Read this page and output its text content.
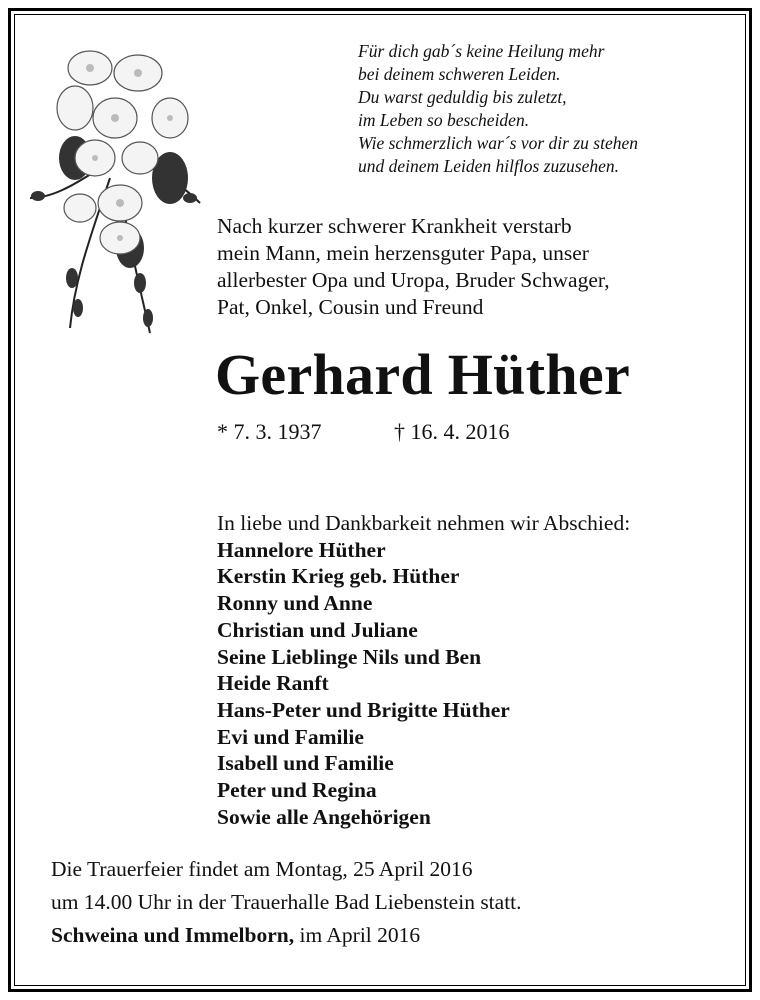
Für dich gab´s keine Heilung mehr
bei deinem schweren Leiden.
Du warst geduldig bis zuletzt,
im Leben so bescheiden.
Wie schmerzlich war´s vor dir zu stehen
und deinem Leiden hilflos zuzusehen.
Nach kurzer schwerer Krankheit verstarb
mein Mann, mein herzensguter Papa, unser
allerbester Opa und Uropa, Bruder Schwager,
Pat, Onkel, Cousin und Freund
Gerhard Hüther
* 7. 3. 1937	† 16. 4. 2016
In liebe und Dankbarkeit nehmen wir Abschied:
Hannelore Hüther
Kerstin Krieg geb. Hüther
Ronny und Anne
Christian und Juliane
Seine Lieblinge Nils und Ben
Heide Ranft
Hans-Peter und Brigitte Hüther
Evi und Familie
Isabell und Familie
Peter und Regina
Sowie alle Angehörigen
Die Trauerfeier findet am Montag, 25 April 2016
um 14.00 Uhr in der Trauerhalle Bad Liebenstein statt.
Schweina und Immelborn, im April 2016
